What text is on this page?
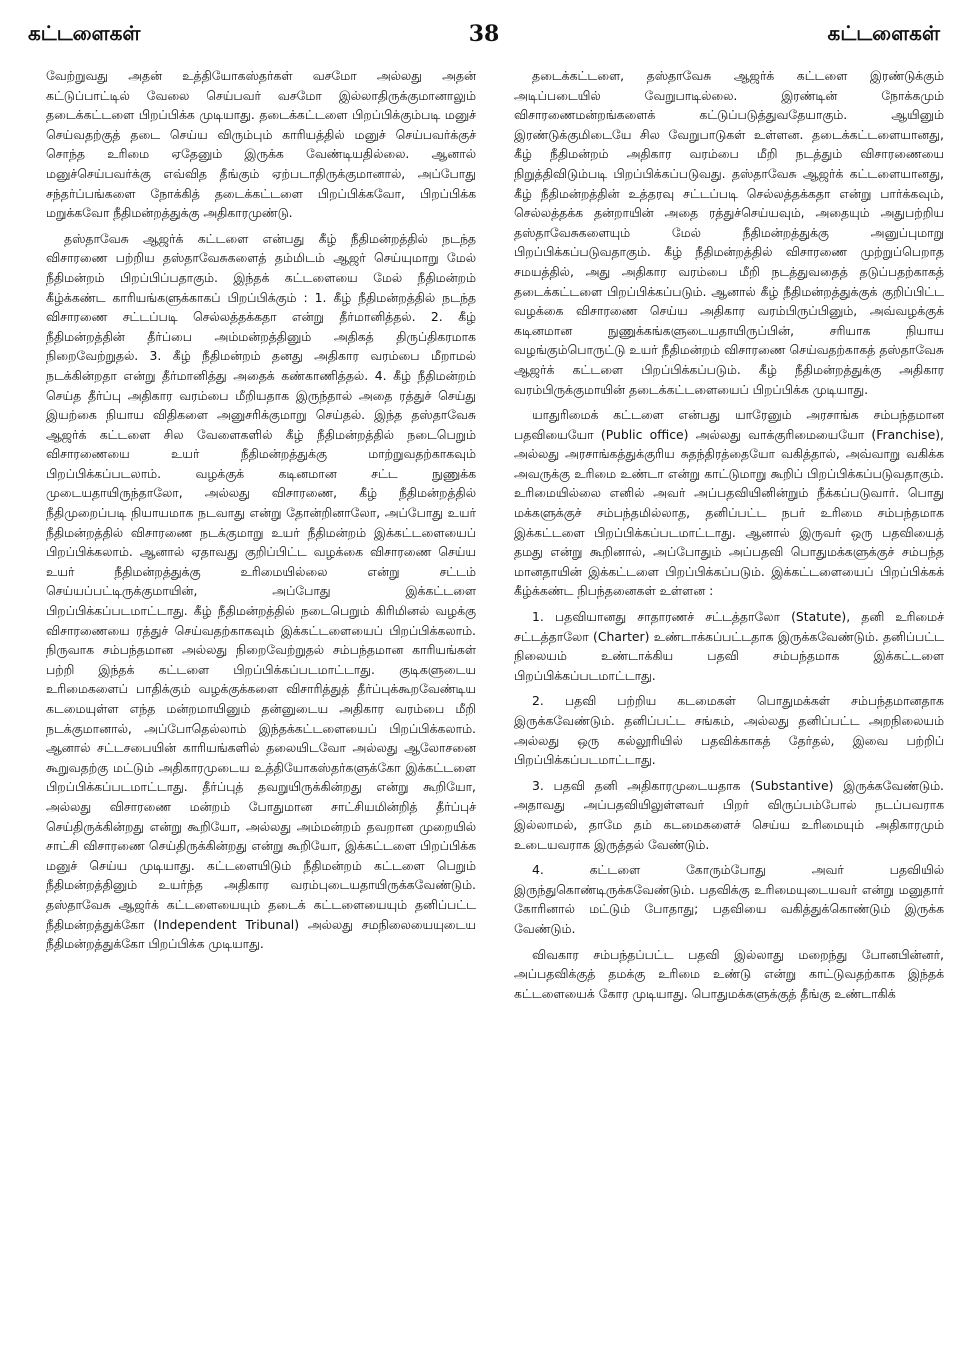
கட்டளைகள்	38	கட்டளைகள்

வேற்றுவது அதன் உத்தியோகஸ்தர்கள் வசமோ அல்லது அதன் கட்டுப்பாட்டில் வேலை செய்பவர் வசமோ இல்லாதிருக்குமானாலும் தடைக்கட்டளை பிறப்பிக்க முடியாது. தடைக்கட்டளை பிறப்பிக்கும்படி மனுச் செய்வதற்குத் தடை செய்ய விரும்பும் காரியத்தில் மனுச் செய்பவர்க்குச் சொந்த உரிமை ஏதேனும் இருக்க வேண்டியதில்லை. ஆனால் மனுச்செய்பவர்க்கு எவ்வித தீங்கும் ஏற்படாதிருக்குமானால், அப்போது சந்தர்ப்பங்களை நோக்கித் தடைக்கட்டளை பிறப்பிக்கவோ, பிறப்பிக்க மறுக்கவோ நீதிமன்றத்துக்கு அதிகாரமுண்டு.

தஸ்தாவேசு ஆஜர்க் கட்டளை என்பது கீழ் நீதிமன்றத்தில் நடந்த விசாரணை பற்றிய தஸ்தாவேசுகளைத் தம்மிடம் ஆஜர் செய்யுமாறு மேல் நீதிமன்றம் பிறப்பிப்பதாகும். இந்தக் கட்டளையை மேல் நீதிமன்றம் கீழ்க்கண்ட காரியங்களுக்காகப் பிறப்பிக்கும் : 1. கீழ் நீதிமன்றத்தில் நடந்த விசாரணை சட்டப்படி செல்லத்தக்கதா என்று தீர்மானித்தல். 2. கீழ் நீதிமன்றத்தின் தீர்ப்பை அம்மன்றத்தினும் அதிகத் திருப்திகரமாக நிறைவேற்றுதல். 3. கீழ் நீதிமன்றம் தனது அதிகார வரம்பை மீறாமல் நடக்கின்றதா என்று தீர்மானித்து அதைக் கண்காணித்தல். 4. கீழ் நீதிமன்றம் செய்த தீர்ப்பு அதிகார வரம்பை மீறியதாக இருந்தால் அதை ரத்துச் செய்து இயற்கை நியாய விதிகளை அனுசரிக்குமாறு செய்தல். இந்த தஸ்தாவேசு ஆஜர்க் கட்டளை சில வேளைகளில் கீழ் நீதிமன்றத்தில் நடைபெறும் விசாரணையை உயர் நீதிமன்றத்துக்கு மாற்றுவதற்காகவும் பிறப்பிக்கப்படலாம். வழக்குக் கடினமான சட்ட நுணுக்க முடையதாயிருந்தாலோ, அல்லது விசாரணை, கீழ் நீதிமன்றத்தில் நீதிமுறைப்படி நியாயமாக நடவாது என்று தோன்றினாலோ, அப்போது உயர் நீதிமன்றத்தில் விசாரணை நடக்குமாறு உயர் நீதிமன்றம் இக்கட்டளையைப் பிறப்பிக்கலாம். ஆனால் ஏதாவது குறிப்பிட்ட வழக்கை விசாரணை செய்ய உயர் நீதிமன்றத்துக்கு உரிமையில்லை என்று சட்டம் செய்யப்பட்டிருக்குமாயின், அப்போது இக்கட்டளை பிறப்பிக்கப்படமாட்டாது. கீழ் நீதிமன்றத்தில் நடைபெறும் கிரிமினல் வழக்கு விசாரணையை ரத்துச் செய்வதற்காகவும் இக்கட்டளையைப் பிறப்பிக்கலாம். நிருவாக சம்பந்தமான அல்லது நிறைவேற்றுதல் சம்பந்தமான காரியங்கள் பற்றி இந்தக் கட்டளை பிறப்பிக்கப்படமாட்டாது. குடிகளுடைய உரிமைகளைப் பாதிக்கும் வழக்குக்களை விசாரித்துத் தீர்ப்புக்கூறவேண்டிய கடமையுள்ள எந்த மன்றமாயினும் தன்னுடைய அதிகார வரம்பை மீறி நடக்குமானால், அப்போதெல்லாம் இந்தக்கட்டளையைப் பிறப்பிக்கலாம். ஆனால் சட்டசபையின் காரியங்களில் தலையிடவோ அல்லது ஆலோசனை கூறுவதற்கு மட்டும் அதிகாரமுடைய உத்தியோகஸ்தர்களுக்கோ இக்கட்டளை பிறப்பிக்கப்படமாட்டாது. தீர்ப்புத் தவறுயிருக்கின்றது என்று கூறியோ, அல்லது விசாரணை மன்றம் போதுமான சாட்சியமின்றித் தீர்ப்புச் செய்திருக்கின்றது என்று கூறியோ, அல்லது அம்மன்றம் தவறான முறையில் சாட்சி விசாரணை செய்திருக்கின்றது என்று கூறியோ, இக்கட்டளை பிறப்பிக்க மனுச் செய்ய முடியாது. கட்டளையிடும் நீதிமன்றம் கட்டளை பெறும் நீதிமன்றத்தினும் உயர்ந்த அதிகார வரம்புடையதாயிருக்கவேண்டும். தஸ்தாவேசு ஆஜர்க் கட்டளையையும் தடைக் கட்டளையையும் தனிப்பட்ட நீதிமன்றத்துக்கோ (Independent Tribunal) அல்லது சமநிலையையுடைய நீதிமன்றத்துக்கோ பிறப்பிக்க முடியாது.

தடைக்கட்டளை, தஸ்தாவேசு ஆஜர்க் கட்டளை இரண்டுக்கும் அடிப்படையில் வேறுபாடில்லை. இரண்டின் நோக்கமும் விசாரணைமன்றங்களைக் கட்டுப்படுத்துவதேயாகும். ஆயினும் இரண்டுக்குமிடையே சில வேறுபாடுகள் உள்ளன. தடைக்கட்டளையானது, கீழ் நீதிமன்றம் அதிகார வரம்பை மீறி நடத்தும் விசாரணையை நிறுத்திவிடும்படி பிறப்பிக்கப்படுவது. தஸ்தாவேசு ஆஜர்க் கட்டளையானது, கீழ் நீதிமன்றத்தின் உத்தரவு சட்டப்படி செல்லத்தக்கதா என்று பார்க்கவும், செல்லத்தக்க தன்றாயின் அதை ரத்துச்செய்யவும், அதையும் அதுபற்றிய தஸ்தாவேசுகளையும் மேல் நீதிமன்றத்துக்கு அனுப்புமாறு பிறப்பிக்கப்படுவதாகும். கீழ் நீதிமன்றத்தில் விசாரணை முற்றுப்பெறாத சமயத்தில், அது அதிகார வரம்பை மீறி நடத்துவதைத் தடுப்பதற்காகத் தடைக்கட்டளை பிறப்பிக்கப்படும். ஆனால் கீழ் நீதிமன்றத்துக்குக் குறிப்பிட்ட வழக்கை விசாரணை செய்ய அதிகார வரம்பிருப்பினும், அவ்வழக்குக் கடினமான நுணுக்கங்களுடையதாயிருப்பின், சரியாக நியாய வழங்கும்பொருட்டு உயர் நீதிமன்றம் விசாரணை செய்வதற்காகத் தஸ்தாவேசு ஆஜர்க் கட்டளை பிறப்பிக்கப்படும். கீழ் நீதிமன்றத்துக்கு அதிகார வரம்பிருக்குமாயின் தடைக்கட்டளையைப் பிறப்பிக்க முடியாது.

யாதுரிமைக் கட்டளை என்பது யாரேனும் அரசாங்க சம்பந்தமான பதவியையோ (Public office) அல்லது வாக்குரிமையையோ (Franchise), அல்லது அரசாங்கத்துக்குரிய சுதந்திரத்தையோ வகித்தால், அவ்வாறு வகிக்க அவருக்கு உரிமை உண்டா என்று காட்டுமாறு கூறிப் பிறப்பிக்கப்படுவதாகும். உரிமையில்லை எனில் அவர் அப்பதவியினின்றும் நீக்கப்படுவார். பொது மக்களுக்குச் சம்பந்தமில்லாத, தனிப்பட்ட நபர் உரிமை சம்பந்தமாக இக்கட்டளை பிறப்பிக்கப்படமாட்டாது. ஆனால் இருவர் ஒரு பதவியைத் தமது என்று கூறினால், அப்போதும் அப்பதவி பொதுமக்களுக்குச் சம்பந்த மானதாயின் இக்கட்டளை பிறப்பிக்கப்படும். இக்கட்டளையைப் பிறப்பிக்கக் கீழ்க்கண்ட நிபந்தனைகள் உள்ளன :

1. பதவியானது சாதாரணச் சட்டத்தாலோ (Statute), தனி உரிமைச் சட்டத்தாலோ (Charter) உண்டாக்கப்பட்டதாக இருக்கவேண்டும். தனிப்பட்ட நிலையம் உண்டாக்கிய பதவி சம்பந்தமாக இக்கட்டளை பிறப்பிக்கப்படமாட்டாது.

2. பதவி பற்றிய கடமைகள் பொதுமக்கள் சம்பந்தமானதாக இருக்கவேண்டும். தனிப்பட்ட சங்கம், அல்லது தனிப்பட்ட அறநிலையம் அல்லது ஒரு கல்லூரியில் பதவிக்காகத் தேர்தல், இவை பற்றிப் பிறப்பிக்கப்படமாட்டாது.

3. பதவி தனி அதிகாரமுடையதாக (Substantive) இருக்கவேண்டும். அதாவது அப்பதவியிலுள்ளவர் பிறர் விருப்பம்போல் நடப்பவராக இல்லாமல், தாமே தம் கடமைகளைச் செய்ய உரிமையும் அதிகாரமும் உடையவராக இருத்தல் வேண்டும்.

4. கட்டளை கோரும்போது அவர் பதவியில் இருந்துகொண்டிருக்கவேண்டும். பதவிக்கு உரிமையுடையவர் என்று மனுதார் கோரினால் மட்டும் போதாது; பதவியை வகித்துக்கொண்டும் இருக்க வேண்டும்.

விவகார சம்பந்தப்பட்ட பதவி இல்லாது மறைந்து போனபின்னர், அப்பதவிக்குத் தமக்கு உரிமை உண்டு என்று காட்டுவதற்காக இந்தக் கட்டளையைக் கோர முடியாது. பொதுமக்களுக்குத் தீங்கு உண்டாகிக்
